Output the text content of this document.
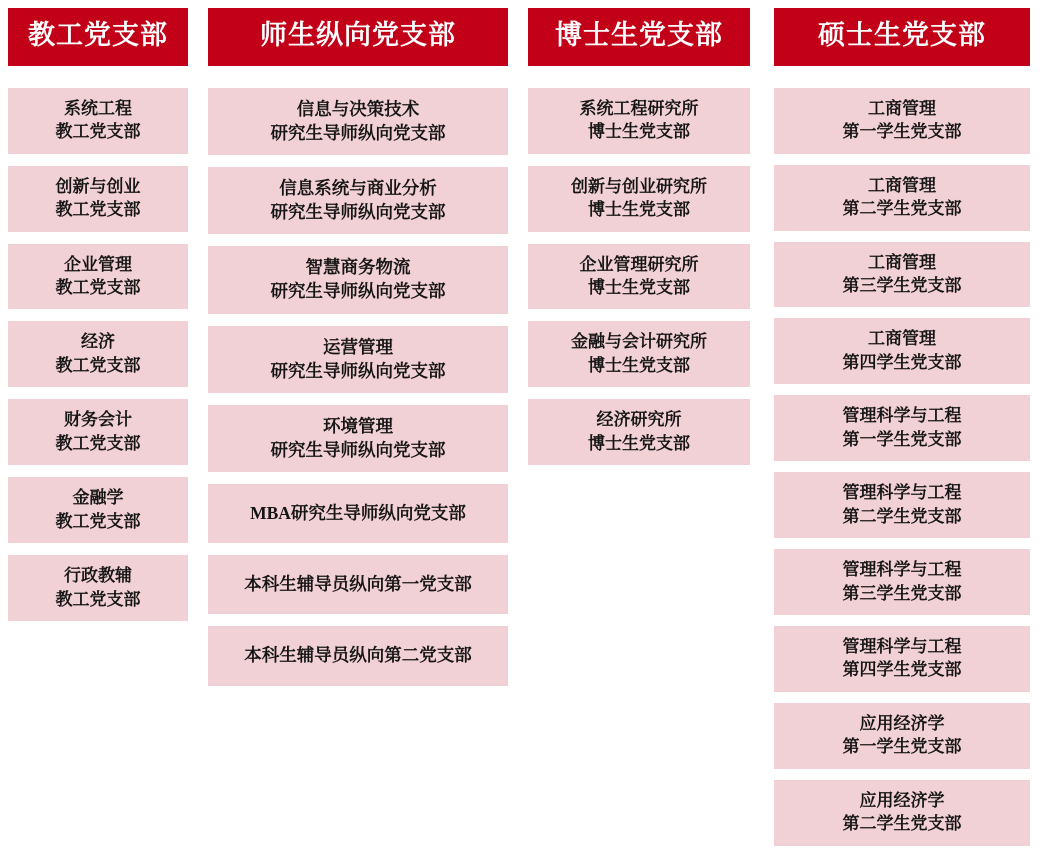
教工党支部
系统工程
教工党支部
创新与创业
教工党支部
企业管理
教工党支部
经济
教工党支部
财务会计
教工党支部
金融学
教工党支部
行政教辅
教工党支部
师生纵向党支部
信息与决策技术
研究生导师纵向党支部
信息系统与商业分析
研究生导师纵向党支部
智慧商务物流
研究生导师纵向党支部
运营管理
研究生导师纵向党支部
环境管理
研究生导师纵向党支部
MBA研究生导师纵向党支部
本科生辅导员纵向第一党支部
本科生辅导员纵向第二党支部
博士生党支部
系统工程研究所
博士生党支部
创新与创业研究所
博士生党支部
企业管理研究所
博士生党支部
金融与会计研究所
博士生党支部
经济研究所
博士生党支部
硕士生党支部
工商管理
第一学生党支部
工商管理
第二学生党支部
工商管理
第三学生党支部
工商管理
第四学生党支部
管理科学与工程
第一学生党支部
管理科学与工程
第二学生党支部
管理科学与工程
第三学生党支部
管理科学与工程
第四学生党支部
应用经济学
第一学生党支部
应用经济学
第二学生党支部
